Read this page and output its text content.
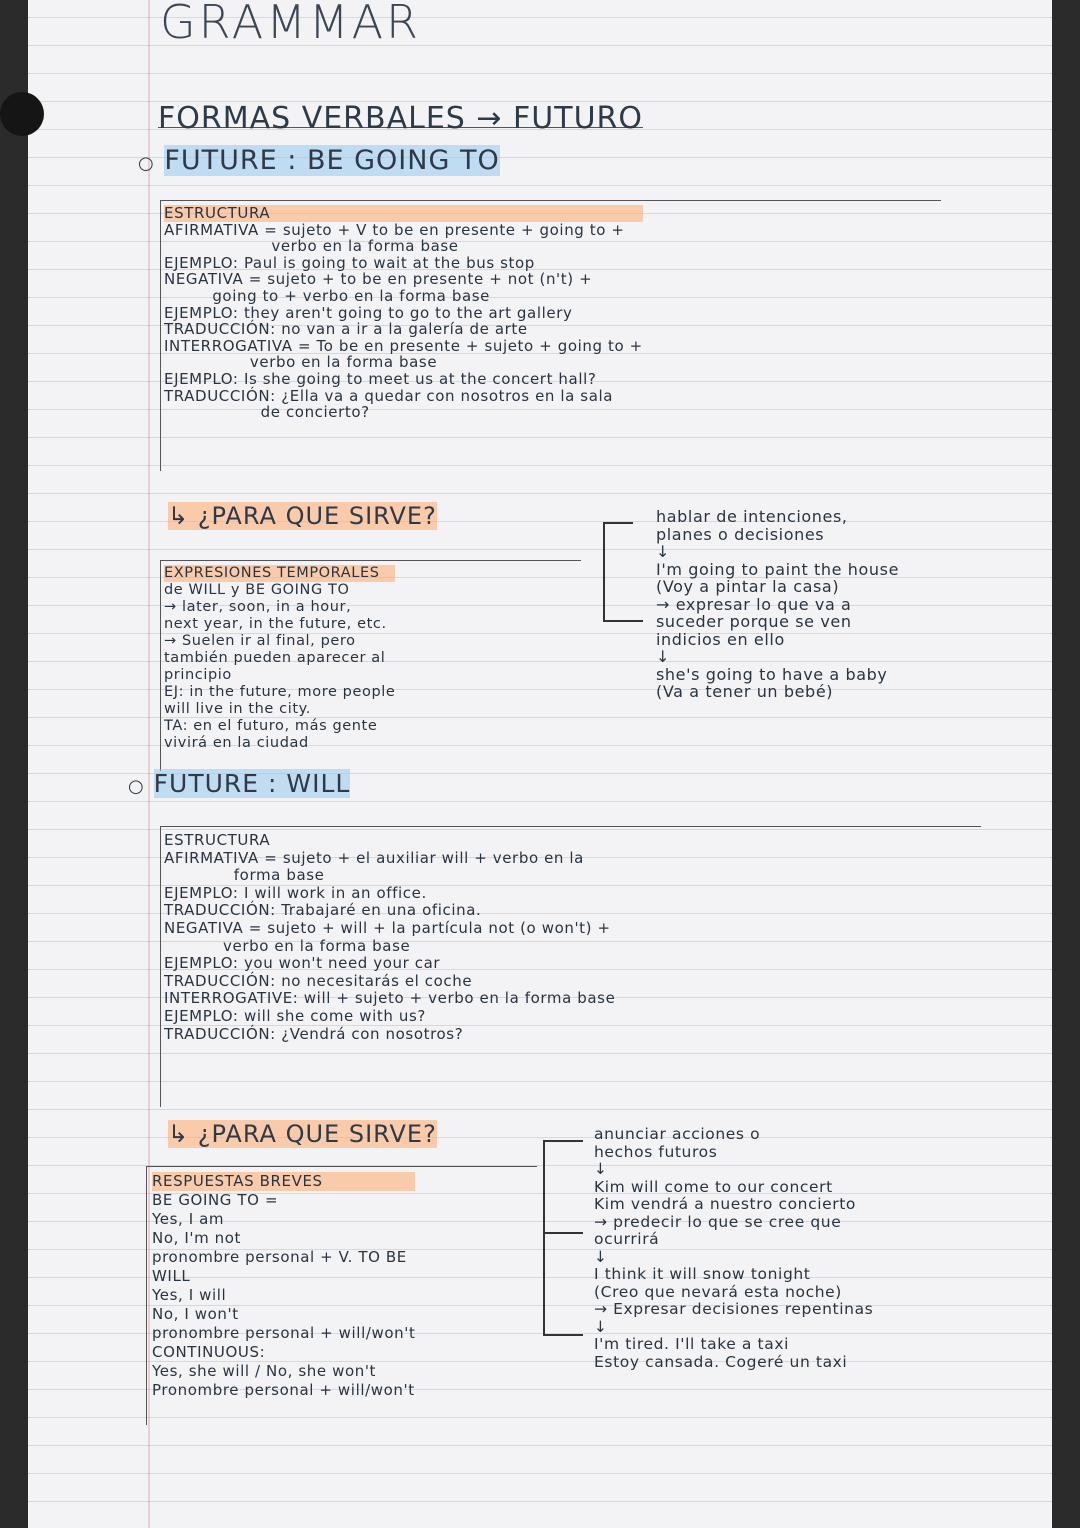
GRAMMAR
FORMAS VERBALES → FUTURO
○ FUTURE : BE GOING TO
ESTRUCTURA
AFIRMATIVA = sujeto + V to be en presente + going to +
verbo en la forma base
EJEMPLO: Paul is going to wait at the bus stop
NEGATIVA = sujeto + to be en presente + not (n't) +
going to + verbo en la forma base
EJEMPLO: they aren't going to go to the art gallery
TRADUCCIÓN: no van a ir a la galería de arte
INTERROGATIVA = To be en presente + sujeto + going to +
verbo en la forma base
EJEMPLO: Is she going to meet us at the concert hall?
TRADUCCIÓN: ¿Ella va a quedar con nosotros en la sala
de concierto?
↳ ¿PARA QUE SIRVE?	hablar de intenciones,
planes o decisiones
↓
I'm going to paint the house
(Voy a pintar la casa)
→ expresar lo que va a
suceder porque se ven
indicios en ello
↓
she's going to have a baby
(Va a tener un bebé)
EXPRESIONES TEMPORALES
de WILL y BE GOING TO
→ later, soon, in a hour,
next year, in the future, etc.
→ Suelen ir al final, pero
también pueden aparecer al
principio
EJ: in the future, more people
will live in the city.
TA: en el futuro, más gente
vivirá en la ciudad
○ FUTURE : WILL
ESTRUCTURA
AFIRMATIVA = sujeto + el auxiliar will + verbo en la
forma base
EJEMPLO: I will work in an office.
TRADUCCIÓN: Trabajaré en una oficina.
NEGATIVA = sujeto + will + la partícula not (o won't) +
verbo en la forma base
EJEMPLO: you won't need your car
TRADUCCIÓN: no necesitarás el coche
INTERROGATIVE: will + sujeto + verbo en la forma base
EJEMPLO: will she come with us?
TRADUCCIÓN: ¿Vendrá con nosotros?
↳ ¿PARA QUE SIRVE?	anunciar acciones o
hechos futuros
↓
Kim will come to our concert
Kim vendrá a nuestro concierto
→ predecir lo que se cree que
ocurrirá
↓
I think it will snow tonight
(Creo que nevará esta noche)
→ Expresar decisiones repentinas
↓
I'm tired. I'll take a taxi
Estoy cansada. Cogeré un taxi
RESPUESTAS BREVES
BE GOING TO =
Yes, I am
No, I'm not
pronombre personal + V. TO BE
WILL
Yes, I will
No, I won't
pronombre personal + will/won't
CONTINUOUS:
Yes, she will / No, she won't
Pronombre personal + will/won't
